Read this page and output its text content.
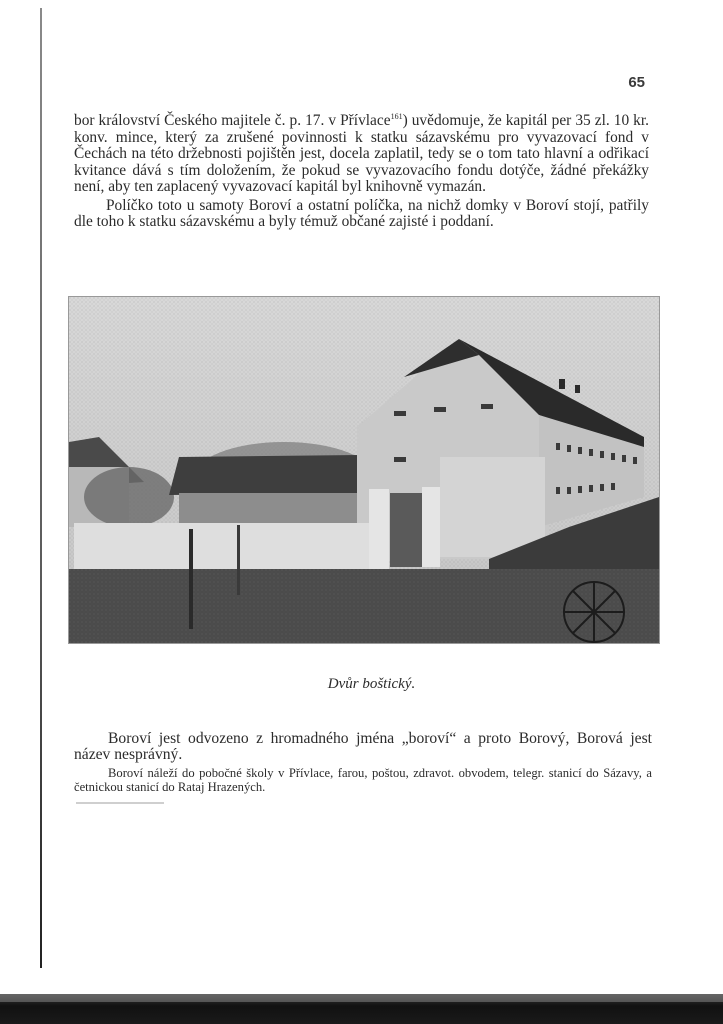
65

bor království Českého majitele č. p. 17. v Přívlace$^{161}$) uvědomuje, že kapitál per 35 zl. 10 kr. konv. mince, který za zrušené povinnosti k statku sázavskému pro vyvazovací fond v Čechách na této držebnosti pojištěn jest, docela zaplatil, tedy se o tom tato hlavní a odřikací kvitance dává s tím doložením, že pokud se vyvazovacího fondu dotýče, žádné překážky není, aby ten zaplacený vyvazovací kapitál byl knihovně vymazán.

Políčko toto u samoty Boroví a ostatní políčka, na nichž domky v Boroví stojí, patřily dle toho k statku sázavskému a byly témuž občané zajisté i poddaní.

Dvůr boštický.

Boroví jest odvozeno z hromadného jména „boroví“ a proto Borový, Borová jest název nesprávný.

Boroví náleží do pobočné školy v Přívlace, farou, poštou, zdravot. obvodem, telegr. stanicí do Sázavy, a četnickou stanicí do Rataj Hrazených.
